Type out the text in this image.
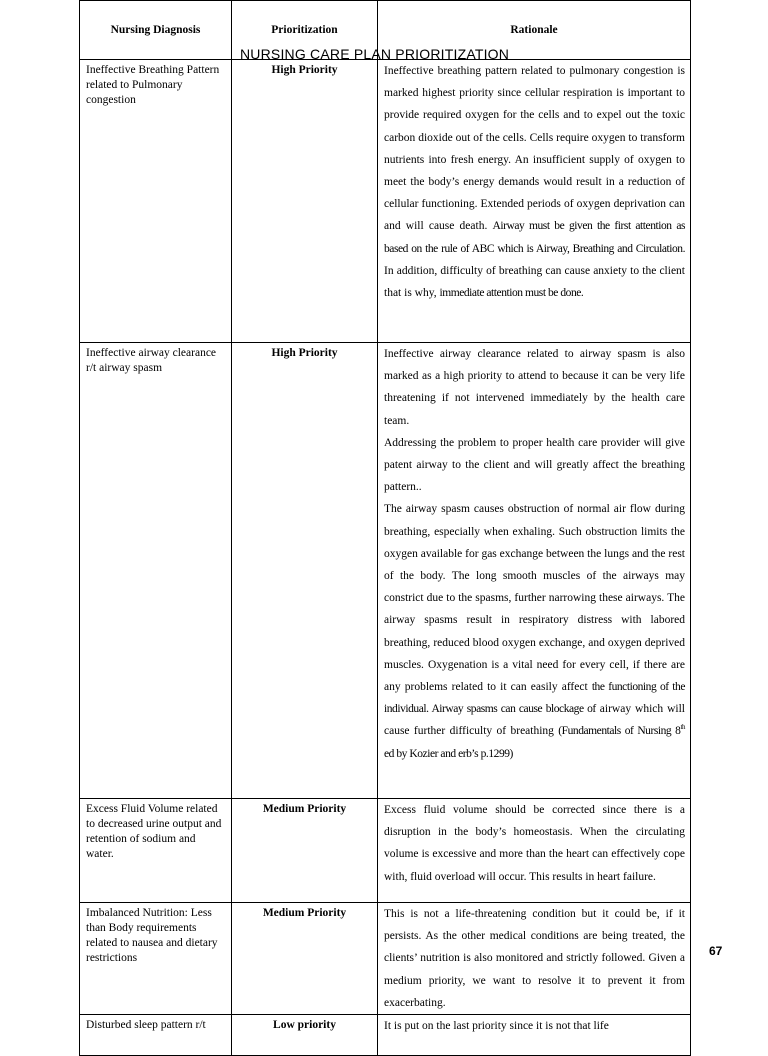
Nursing Diagnosis	Prioritization	Rationale

Ineffective Breathing Pattern related to Pulmonary congestion	High Priority	Ineffective breathing pattern related to pulmonary congestion is marked highest priority since cellular respiration is important to provide required oxygen for the cells and to expel out the toxic carbon dioxide out of the cells. Cells require oxygen to transform nutrients into fresh energy. An insufficient supply of oxygen to meet the body’s energy demands would result in a reduction of cellular functioning. Extended periods of oxygen deprivation can and will cause death. Airway must be given the first attention as based on the rule of ABC which is Airway, Breathing and Circulation. In addition, difficulty of breathing can cause anxiety to the client that is why, immediate attention must be done.

Ineffective airway clearance r/t airway spasm	High Priority	Ineffective airway clearance related to airway spasm is also marked as a high priority to attend to because it can be very life threatening if not intervened immediately by the health care team.

Addressing the problem to proper health care provider will give patent airway to the client and will greatly affect the breathing pattern..

The airway spasm causes obstruction of normal air flow during breathing, especially when exhaling. Such obstruction limits the oxygen available for gas exchange between the lungs and the rest of the body. The long smooth muscles of the airways may constrict due to the spasms, further narrowing these airways. The airway spasms result in respiratory distress with labored breathing, reduced blood oxygen exchange, and oxygen deprived muscles. Oxygenation is a vital need for every cell, if there are any problems related to it can easily affect the functioning of the individual. Airway spasms can cause blockage of airway which will cause further difficulty of breathing (Fundamentals of Nursing 8th ed by Kozier and erb’s p.1299)

Excess Fluid Volume related to decreased urine output and retention of sodium and water.	Medium Priority	Excess fluid volume should be corrected since there is a disruption in the body’s homeostasis. When the circulating volume is excessive and more than the heart can effectively cope with, fluid overload will occur. This results in heart failure.

Imbalanced Nutrition: Less than Body requirements related to nausea and dietary restrictions	Medium Priority	This is not a life-threatening condition but it could be, if it persists. As the other medical conditions are being treated, the clients’ nutrition is also monitored and strictly followed. Given a medium priority, we want to resolve it to prevent it from exacerbating.

Disturbed sleep pattern r/t	Low priority	It is put on the last priority since it is not that life
NURSING CARE PLAN PRIORITIZATION
67
